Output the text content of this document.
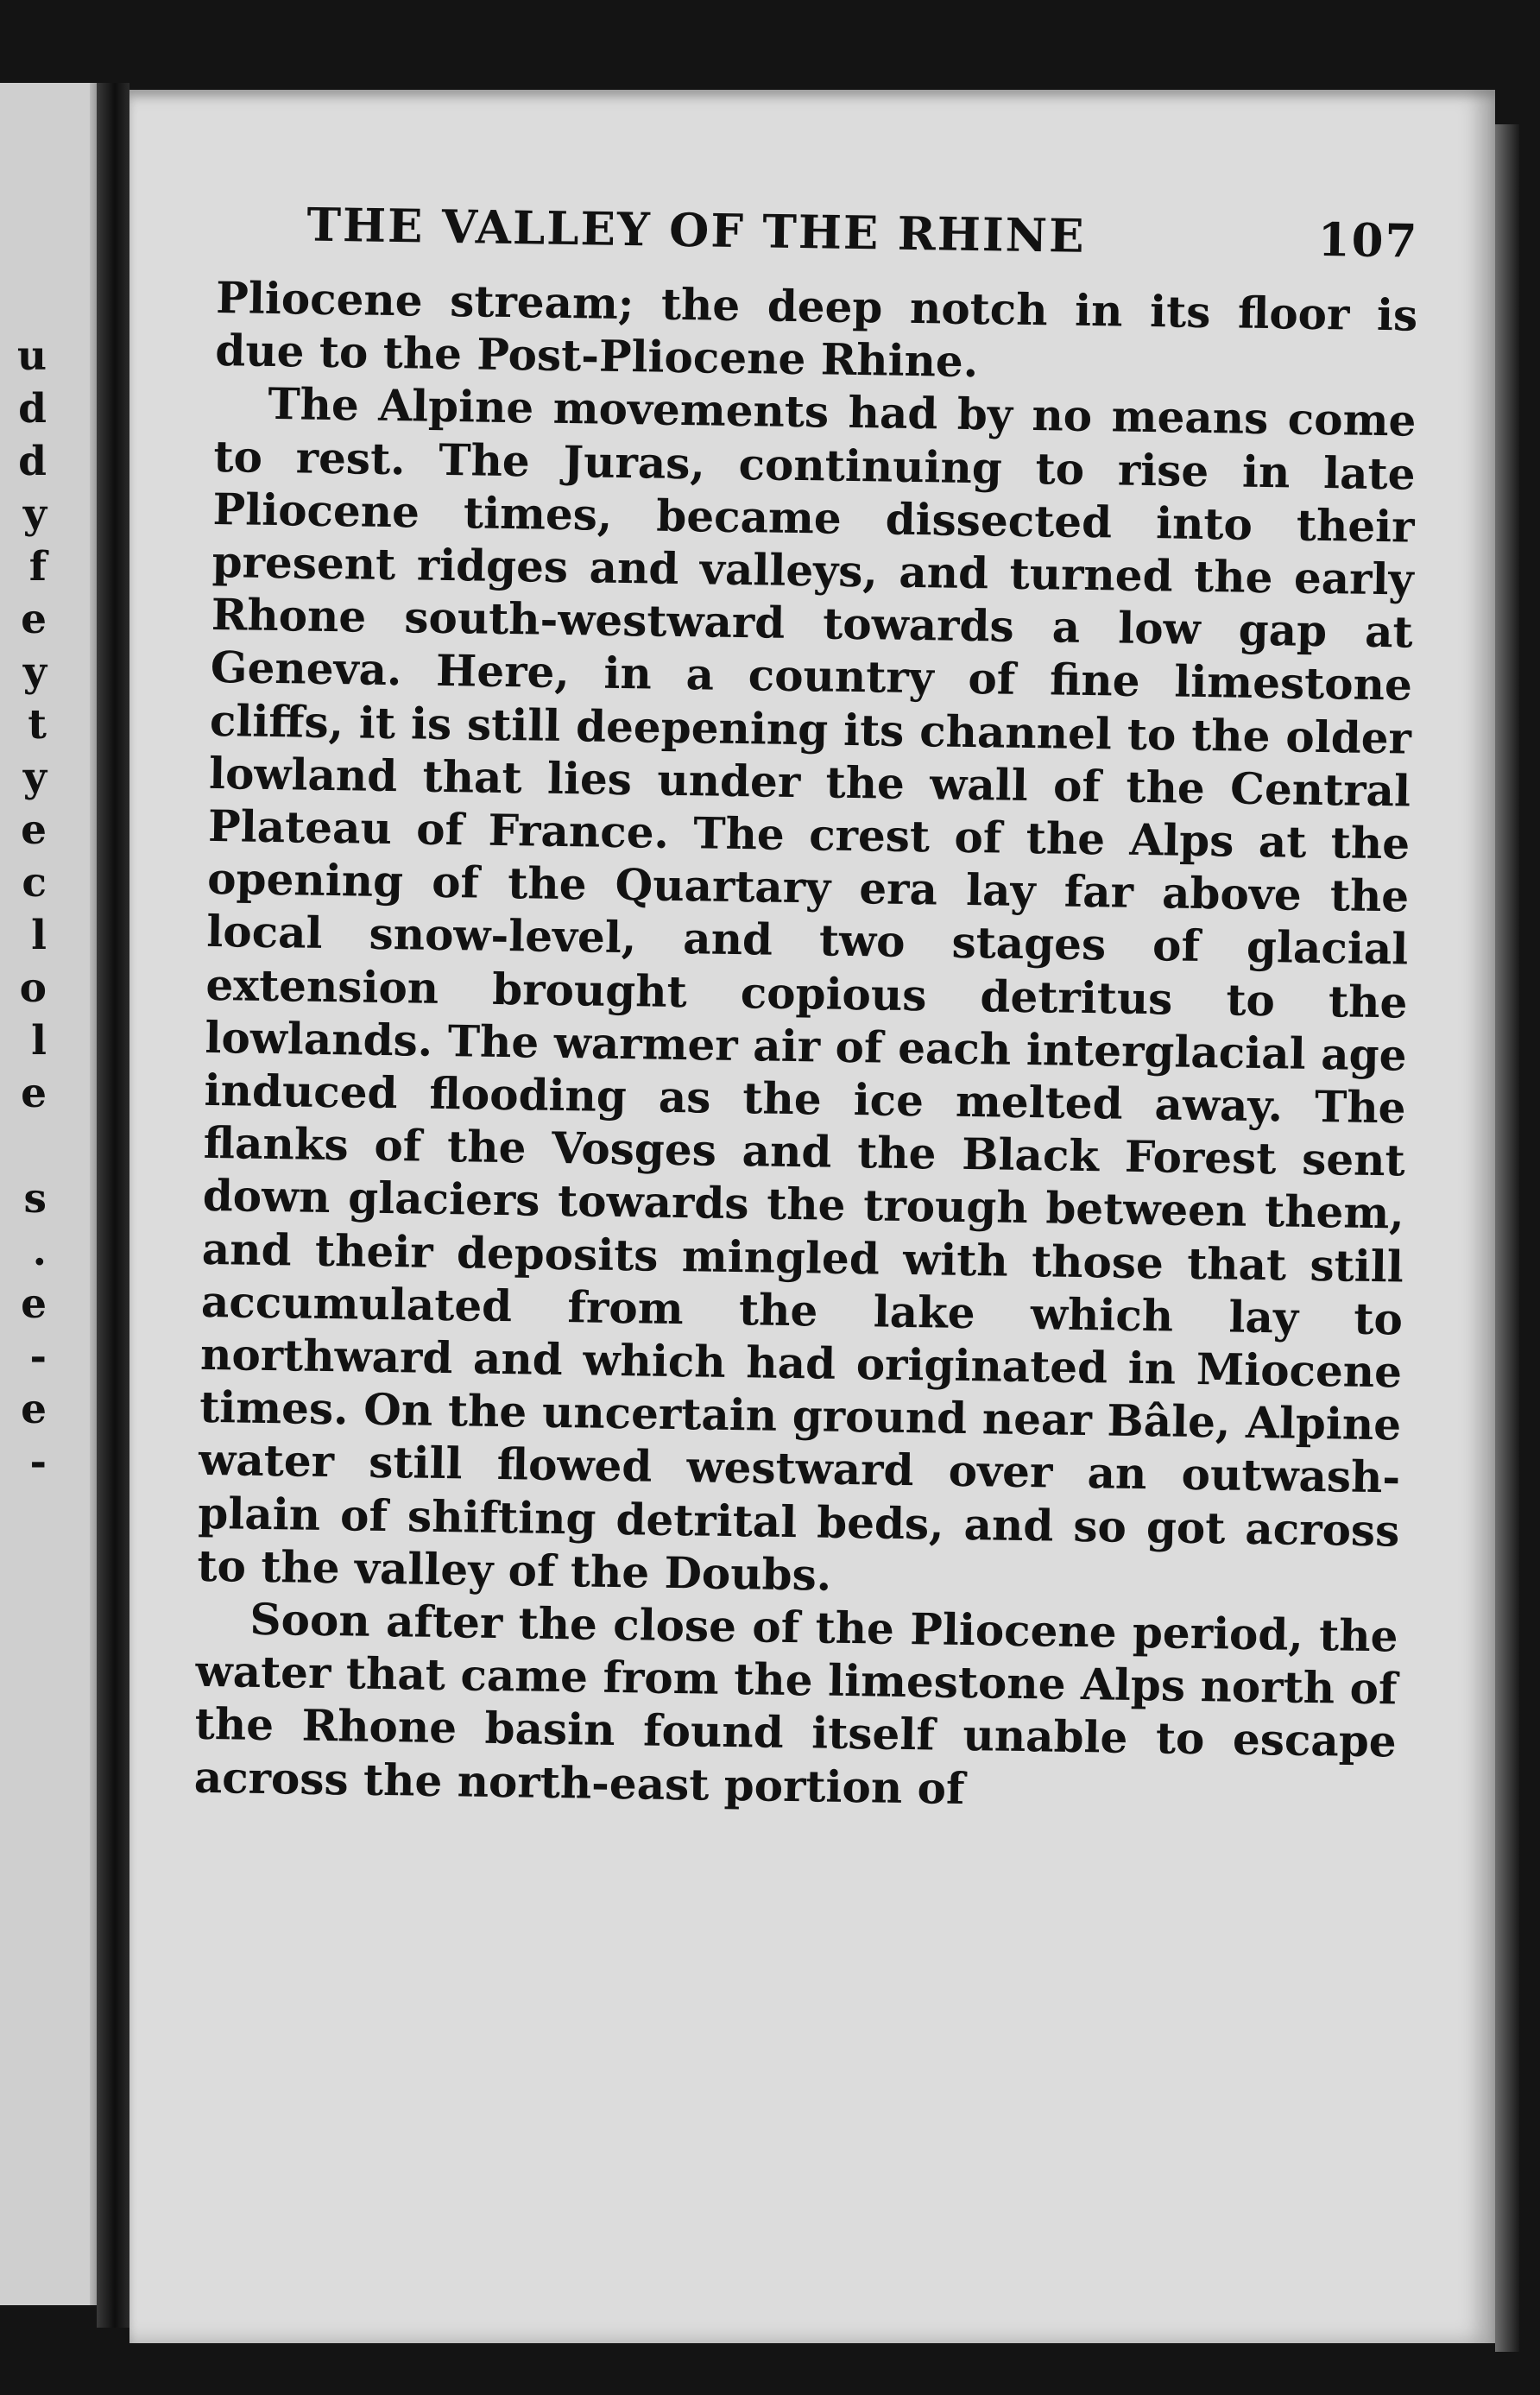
u
d
d
y
f
e
y
t
y
e
c
l
o
l
e
s
.
e
-
e
-
THE VALLEY OF THE RHINE	107

Pliocene stream; the deep notch in its floor is due to the Post-Pliocene Rhine.

The Alpine movements had by no means come to rest. The Juras, continuing to rise in late Pliocene times, became dissected into their present ridges and valleys, and turned the early Rhone south-westward towards a low gap at Geneva. Here, in a country of fine limestone cliffs, it is still deepening its channel to the older lowland that lies under the wall of the Central Plateau of France. The crest of the Alps at the opening of the Quartary era lay far above the local snow-level, and two stages of glacial extension brought copious detritus to the lowlands. The warmer air of each interglacial age induced flooding as the ice melted away. The flanks of the Vosges and the Black Forest sent down glaciers towards the trough between them, and their deposits mingled with those that still accumulated from the lake which lay to northward and which had originated in Miocene times. On the uncertain ground near Bâle, Alpine water still flowed westward over an outwash-plain of shifting detrital beds, and so got across to the valley of the Doubs.

Soon after the close of the Pliocene period, the water that came from the limestone Alps north of the Rhone basin found itself unable to escape across the north-east portion of
